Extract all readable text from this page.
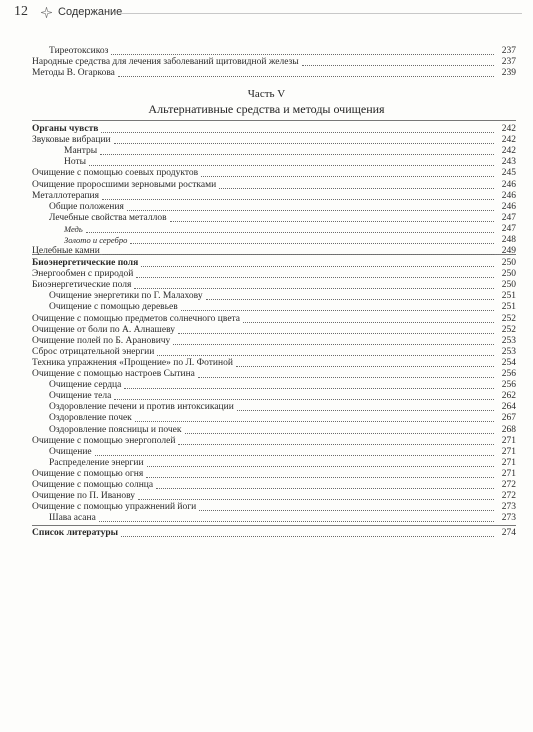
12	Содержание
Часть V
Альтернативные средства и методы очищения
Тиреотоксикоз	237
Народные средства для лечения заболеваний щитовидной железы	237
Методы В. Огаркова	239
Органы чувств	242
Звуковые вибрации	242
Мантры	242
Ноты	243
Очищение с помощью соевых продуктов	245
Очищение проросшими зерновыми ростками	246
Металлотерапия	246
Общие положения	246
Лечебные свойства металлов	247
Медь	247
Золото и серебро	248
Целебные камни	249
Биоэнергетические поля	250
Энергообмен с природой	250
Биоэнергетические поля	250
Очищение энергетики по Г. Малахову	251
Очищение с помощью деревьев	251
Очищение с помощью предметов солнечного цвета	252
Очищение от боли по А. Алнашеву	252
Очищение полей по Б. Арановичу	253
Сброс отрицательной энергии	253
Техника упражнения «Прощение» по Л. Фотиной	254
Очищение с помощью настроев Сытина	256
Очищение сердца	256
Очищение тела	262
Оздоровление печени и против интоксикации	264
Оздоровление почек	267
Оздоровление поясницы и почек	268
Очищение с помощью энергополей	271
Очищение	271
Распределение энергии	271
Очищение с помощью огня	271
Очищение с помощью солнца	272
Очищение по П. Иванову	272
Очищение с помощью упражнений йоги	273
Шава асана	273
Список литературы	274
